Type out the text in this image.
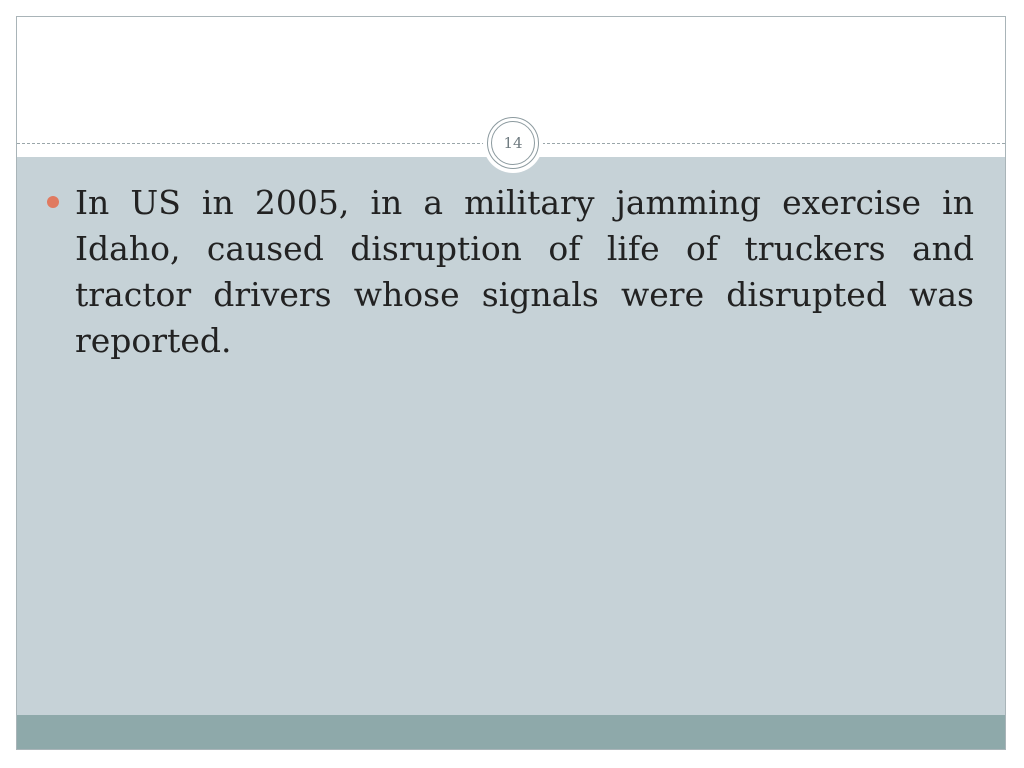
14

In US in 2005, in a military jamming exercise in Idaho, caused disruption of life of truckers and tractor drivers whose signals were disrupted was reported.
